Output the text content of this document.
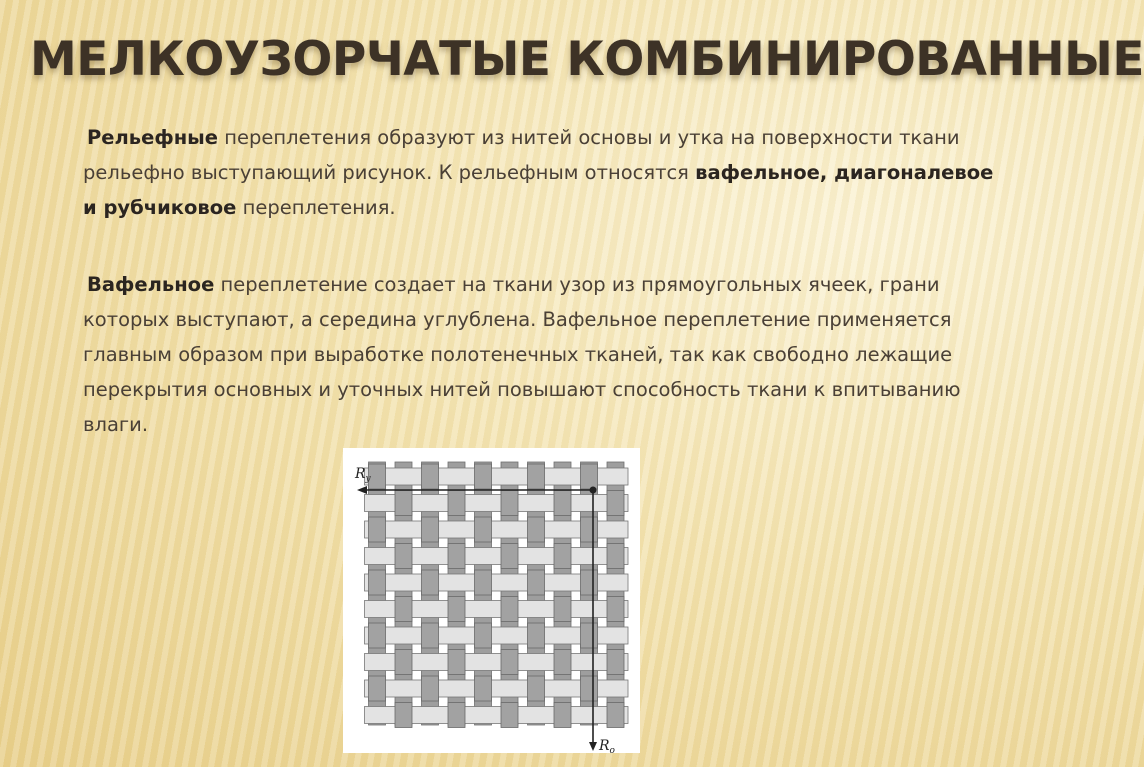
МЕЛКОУЗОРЧАТЫЕ КОМБИНИРОВАННЫЕ

Рельефные переплетения образуют из нитей основы и утка на поверхности ткани рельефно выступающий рисунок. К рельефным относятся вафельное, диагоналевое и рубчиковое переплетения.

Вафельное переплетение создает на ткани узор из прямоугольных ячеек, грани которых выступают, а середина углублена. Вафельное переплетение применяется главным образом при выработке полотенечных тканей, так как свободно лежащие перекрытия основных и уточных нитей повышают способность ткани к впитыванию влаги.

$R_y$
$R_o$
